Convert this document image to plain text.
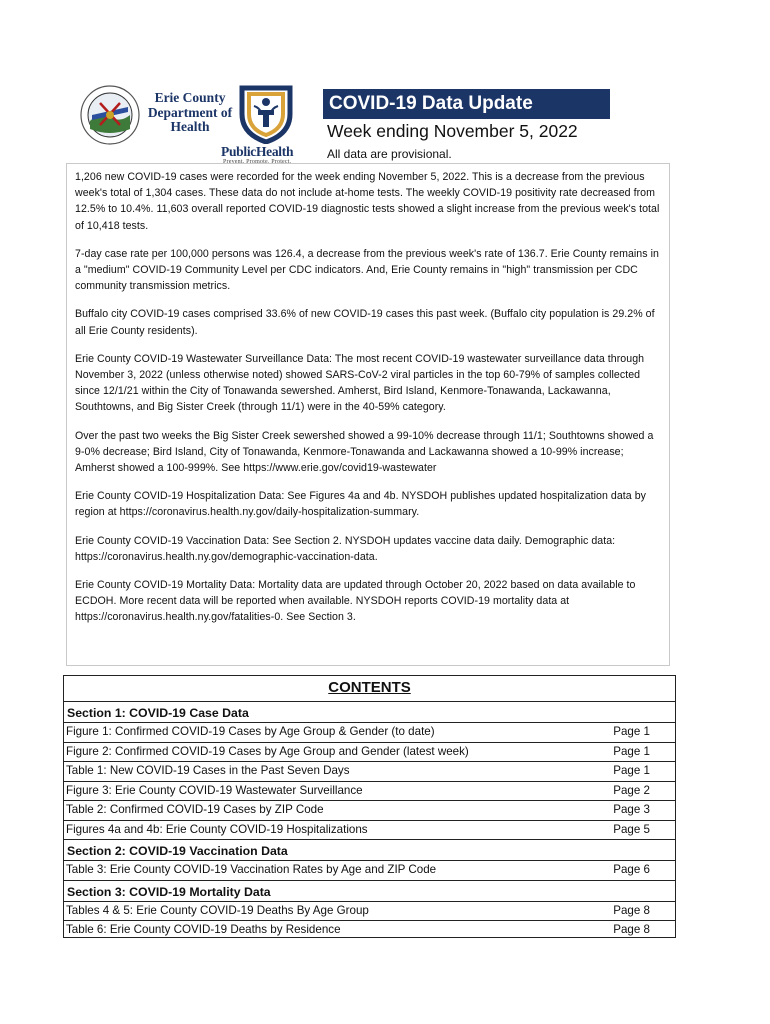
Erie County
Department of
Health
PublicHealth
Prevent. Promote. Protect.
COVID-19 Data Update
Week ending November 5, 2022
All data are provisional.

1,206 new COVID-19 cases were recorded for the week ending November 5, 2022. This is a decrease from the previous week's total of 1,304 cases. These data do not include at-home tests. The weekly COVID-19 positivity rate decreased from 12.5% to 10.4%. 11,603 overall reported COVID-19 diagnostic tests showed a slight increase from the previous week's total of 10,418 tests.

7-day case rate per 100,000 persons was 126.4, a decrease from the previous week's rate of 136.7. Erie County remains in a "medium" COVID-19 Community Level per CDC indicators. And, Erie County remains in "high" transmission per CDC community transmission metrics.

Buffalo city COVID-19 cases comprised 33.6% of new COVID-19 cases this past week. (Buffalo city population is 29.2% of all Erie County residents).

Erie County COVID-19 Wastewater Surveillance Data: The most recent COVID-19 wastewater surveillance data through November 3, 2022 (unless otherwise noted) showed SARS-CoV-2 viral particles in the top 60-79% of samples collected since 12/1/21 within the City of Tonawanda sewershed. Amherst, Bird Island, Kenmore-Tonawanda, Lackawanna, Southtowns, and Big Sister Creek (through 11/1) were in the 40-59% category.

Over the past two weeks the Big Sister Creek sewershed showed a 99-10% decrease through 11/1; Southtowns showed a 9-0% decrease; Bird Island, City of Tonawanda, Kenmore-Tonawanda and Lackawanna showed a 10-99% increase; Amherst showed a 100-999%. See https://www.erie.gov/covid19-wastewater

Erie County COVID-19 Hospitalization Data: See Figures 4a and 4b. NYSDOH publishes updated hospitalization data by region at https://coronavirus.health.ny.gov/daily-hospitalization-summary.

Erie County COVID-19 Vaccination Data: See Section 2. NYSDOH updates vaccine data daily. Demographic data: https://coronavirus.health.ny.gov/demographic-vaccination-data.

Erie County COVID-19 Mortality Data: Mortality data are updated through October 20, 2022 based on data available to ECDOH. More recent data will be reported when available. NYSDOH reports COVID-19 mortality data at https://coronavirus.health.ny.gov/fatalities-0. See Section 3.

CONTENTS
Section 1: COVID-19 Case Data
Figure 1: Confirmed COVID-19 Cases by Age Group & Gender (to date)	Page 1
Figure 2: Confirmed COVID-19 Cases by Age Group and Gender (latest week)	Page 1
Table 1: New COVID-19 Cases in the Past Seven Days	Page 1
Figure 3: Erie County COVID-19 Wastewater Surveillance	Page 2
Table 2: Confirmed COVID-19 Cases by ZIP Code	Page 3
Figures 4a and 4b: Erie County COVID-19 Hospitalizations	Page 5
Section 2: COVID-19 Vaccination Data
Table 3: Erie County COVID-19 Vaccination Rates by Age and ZIP Code	Page 6
Section 3: COVID-19 Mortality Data
Tables 4 & 5: Erie County COVID-19 Deaths By Age Group	Page 8
Table 6: Erie County COVID-19 Deaths by Residence	Page 8
